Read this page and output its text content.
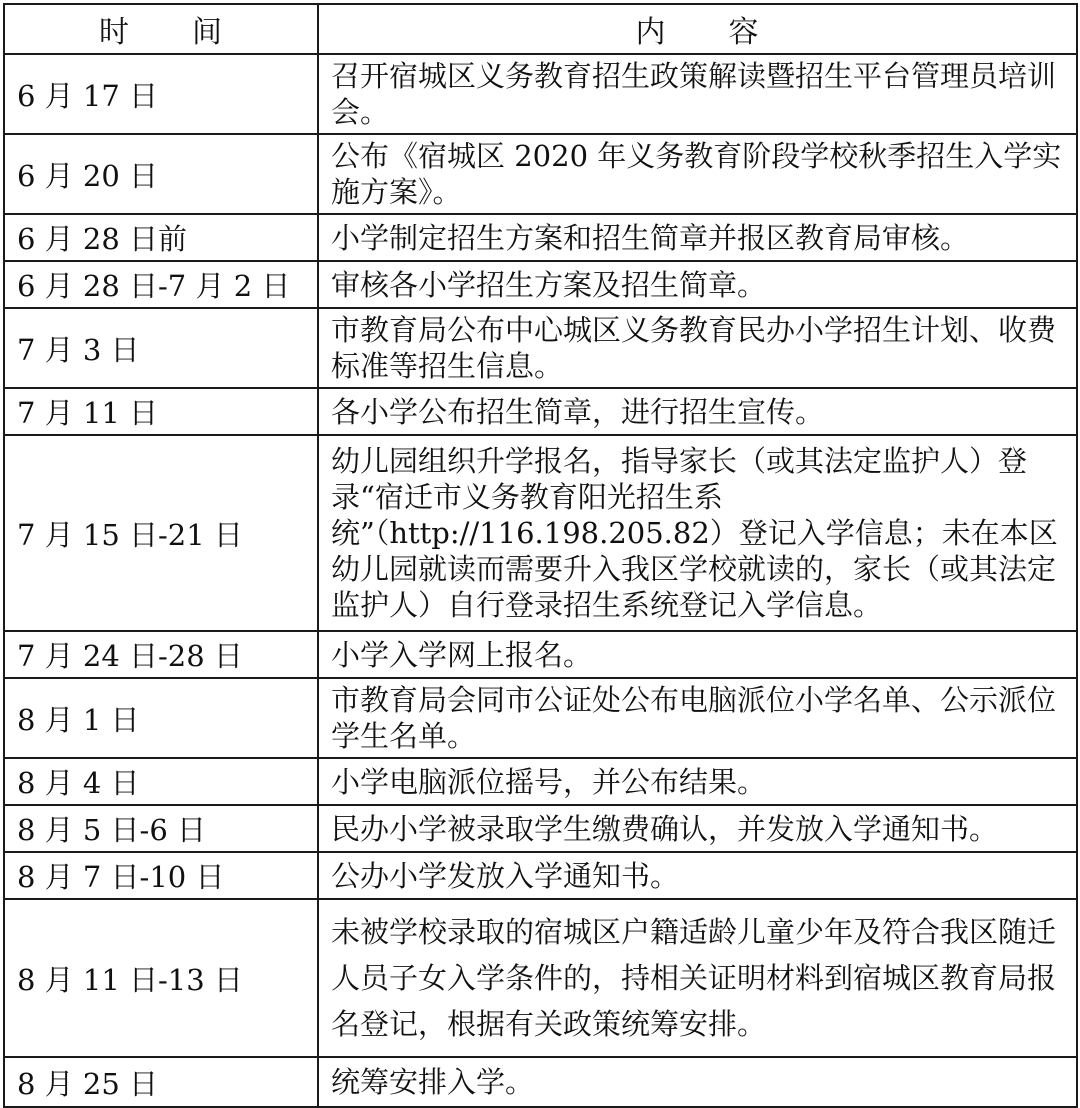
时　　间	内　　容
6 月 17 日	召开宿城区义务教育招生政策解读暨招生平台管理员培训会。
6 月 20 日	公布《宿城区 2020 年义务教育阶段学校秋季招生入学实施方案》。
6 月 28 日前	小学制定招生方案和招生简章并报区教育局审核。
6 月 28 日-7 月 2 日	审核各小学招生方案及招生简章。
7 月 3 日	市教育局公布中心城区义务教育民办小学招生计划、收费标准等招生信息。
7 月 11 日	各小学公布招生简章，进行招生宣传。
7 月 15 日-21 日	幼儿园组织升学报名，指导家长（或其法定监护人）登录“宿迁市义务教育阳光招生系统”（http://116.198.205.82）登记入学信息；未在本区幼儿园就读而需要升入我区学校就读的，家长（或其法定监护人）自行登录招生系统登记入学信息。
7 月 24 日-28 日	小学入学网上报名。
8 月 1 日	市教育局会同市公证处公布电脑派位小学名单、公示派位学生名单。
8 月 4 日	小学电脑派位摇号，并公布结果。
8 月 5 日-6 日	民办小学被录取学生缴费确认，并发放入学通知书。
8 月 7 日-10 日	公办小学发放入学通知书。
8 月 11 日-13 日	未被学校录取的宿城区户籍适龄儿童少年及符合我区随迁人员子女入学条件的，持相关证明材料到宿城区教育局报名登记，根据有关政策统筹安排。
8 月 25 日	统筹安排入学。
